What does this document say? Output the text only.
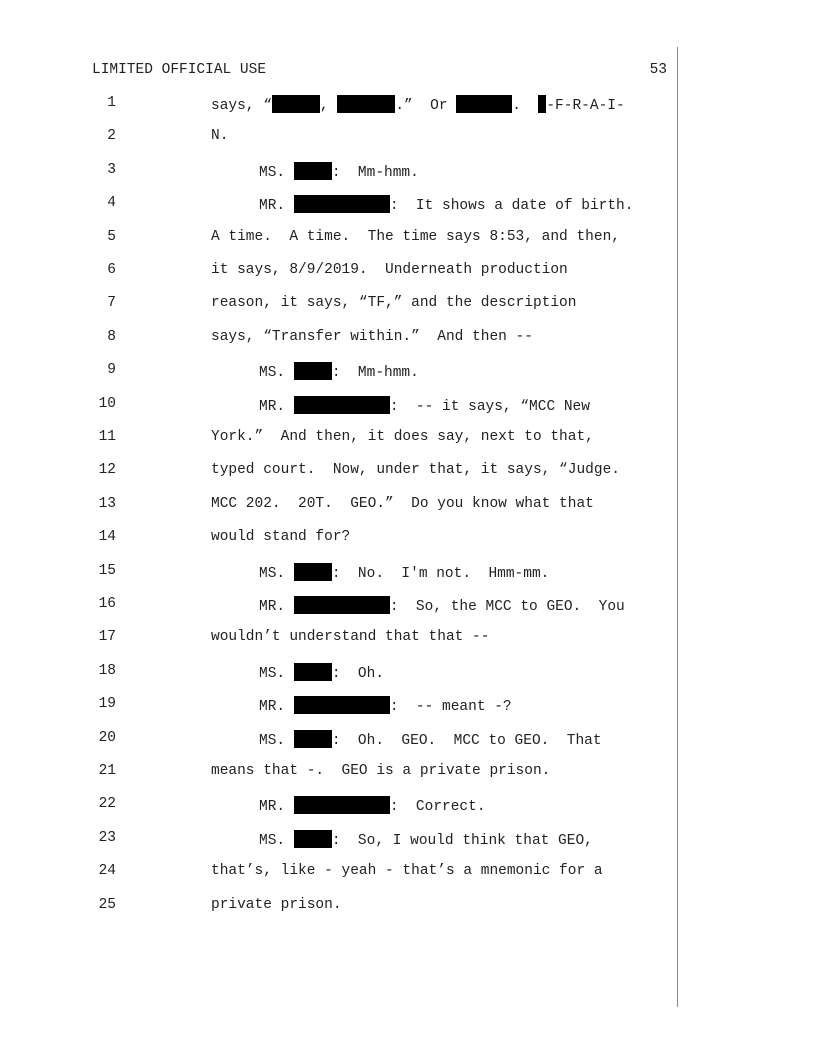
LIMITED OFFICIAL USE	53
1	says, “	,	.”  Or	.  -F-R-A-I-
2	N.
3	MS.	:  Mm-hmm.
4	MR.	:  It shows a date of birth.
5	A time.  A time.  The time says 8:53, and then,
6	it says, 8/9/2019.  Underneath production
7	reason, it says, “TF,” and the description
8	says, “Transfer within.”  And then --
9	MS.	:  Mm-hmm.
10	MR.	:  -- it says, “MCC New
11	York.”  And then, it does say, next to that,
12	typed court.  Now, under that, it says, “Judge.
13	MCC 202.  20T.  GEO.”  Do you know what that
14	would stand for?
15	MS.	:  No.  I'm not.  Hmm-mm.
16	MR.	:  So, the MCC to GEO.  You
17	wouldn’t understand that that --
18	MS.	:  Oh.
19	MR.	:  -- meant -?
20	MS.	:  Oh.  GEO.  MCC to GEO.  That
21	means that -.  GEO is a private prison.
22	MR.	:  Correct.
23	MS.	:  So, I would think that GEO,
24	that’s, like - yeah - that’s a mnemonic for a
25	private prison.
